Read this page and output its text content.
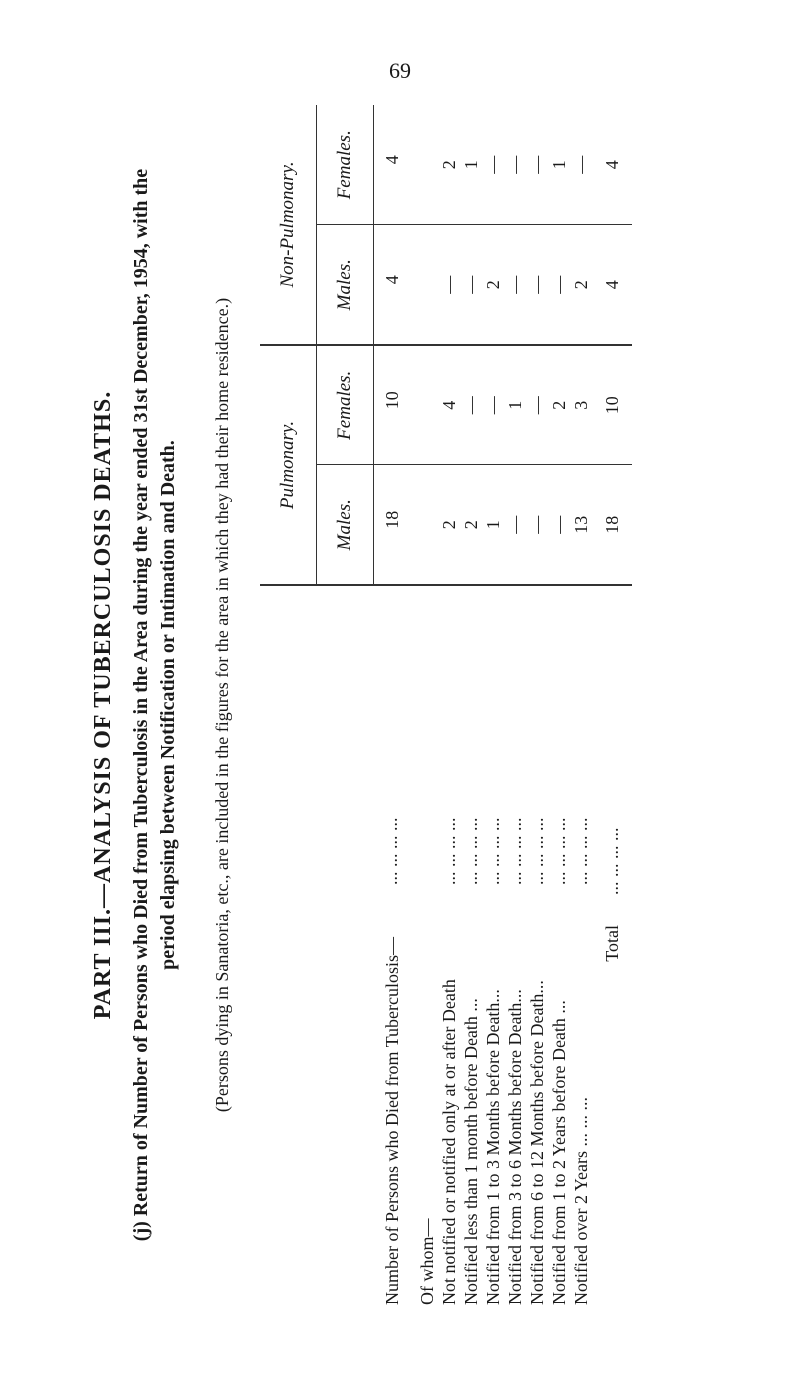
69
PART III.—ANALYSIS OF TUBERCULOSIS DEATHS. (j) Return of Number of Persons who Died from Tuberculosis in the Area during the year ended 31st December, 1954, with the period elapsing between Notification or Intimation and Death. (Persons dying in Sanatoria, etc., are included in the figures for the area in which they had their home residence.)
		Pulmonary.		Non-Pulmonary.	
		Males.	Females.	Males.	Females.
Number of Persons who Died from Tuberculosis—	... ... ... ...	18	10	4	4
Of whom—					
Not notified or notified only at or after Death	... ... ... ...	2	4	—	2
Notified less than 1 month before Death ...	... ... ... ...	2	—	—	1
Notified from 1 to 3 Months before Death...	... ... ... ...	1	—	2	—
Notified from 3 to 6 Months before Death...	... ... ... ...	—	1	—	—
Notified from 6 to 12 Months before Death...	... ... ... ...	—	—	—	—
Notified from 1 to 2 Years before Death ...	... ... ... ...	—	2	—	1
Notified over 2 Years ... ... ...	... ... ... ...	13	3	2	—
Total	... ... ... ...	18	10	4	4
